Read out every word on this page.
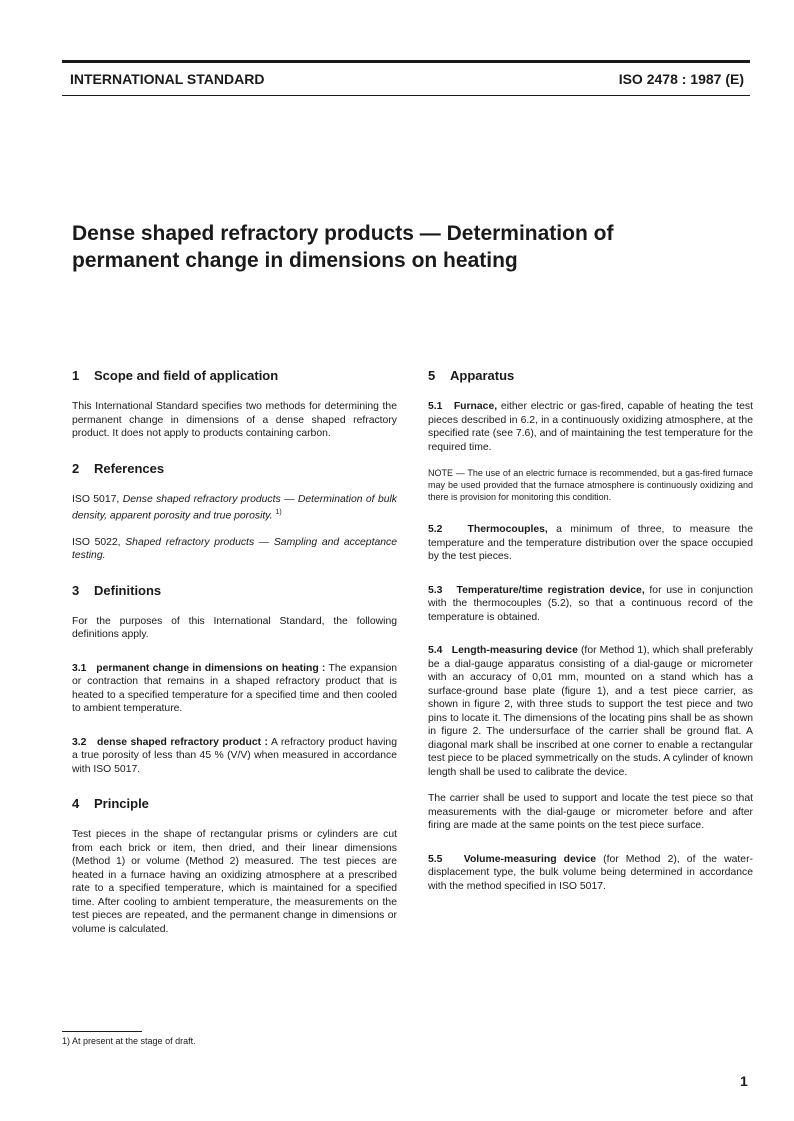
INTERNATIONAL STANDARD	ISO 2478 : 1987 (E)
Dense shaped refractory products — Determination of
permanent change in dimensions on heating
1 Scope and field of application

This International Standard specifies two methods for determining the permanent change in dimensions of a dense shaped refractory product. It does not apply to products containing carbon.

2 References

ISO 5017, Dense shaped refractory products — Determination of bulk density, apparent porosity and true porosity. $^{1)}$

ISO 5022, Shaped refractory products — Sampling and acceptance testing.

3 Definitions

For the purposes of this International Standard, the following definitions apply.

3.1 permanent change in dimensions on heating : The expansion or contraction that remains in a shaped refractory product that is heated to a specified temperature for a specified time and then cooled to ambient temperature.

3.2 dense shaped refractory product : A refractory product having a true porosity of less than 45 % (V/V) when measured in accordance with ISO 5017.

4 Principle

Test pieces in the shape of rectangular prisms or cylinders are cut from each brick or item, then dried, and their linear dimensions (Method 1) or volume (Method 2) measured. The test pieces are heated in a furnace having an oxidizing atmosphere at a prescribed rate to a specified temperature, which is maintained for a specified time. After cooling to ambient temperature, the measurements on the test pieces are repeated, and the permanent change in dimensions or volume is calculated.

5 Apparatus

5.1 Furnace, either electric or gas-fired, capable of heating the test pieces described in 6.2, in a continuously oxidizing atmosphere, at the specified rate (see 7.6), and of maintaining the test temperature for the required time.

NOTE — The use of an electric furnace is recommended, but a gas-fired furnace may be used provided that the furnace atmosphere is continuously oxidizing and there is provision for monitoring this condition.

5.2 Thermocouples, a minimum of three, to measure the temperature and the temperature distribution over the space occupied by the test pieces.

5.3 Temperature/time registration device, for use in conjunction with the thermocouples (5.2), so that a continuous record of the temperature is obtained.

5.4 Length-measuring device (for Method 1), which shall preferably be a dial-gauge apparatus consisting of a dial-gauge or micrometer with an accuracy of 0,01 mm, mounted on a stand which has a surface-ground base plate (figure 1), and a test piece carrier, as shown in figure 2, with three studs to support the test piece and two pins to locate it. The dimensions of the locating pins shall be as shown in figure 2. The undersurface of the carrier shall be ground flat. A diagonal mark shall be inscribed at one corner to enable a rectangular test piece to be placed symmetrically on the studs. A cylinder of known length shall be used to calibrate the device.

The carrier shall be used to support and locate the test piece so that measurements with the dial-gauge or micrometer before and after firing are made at the same points on the test piece surface.

5.5 Volume-measuring device (for Method 2), of the water-displacement type, the bulk volume being determined in accordance with the method specified in ISO 5017.

1) At present at the stage of draft.
1
